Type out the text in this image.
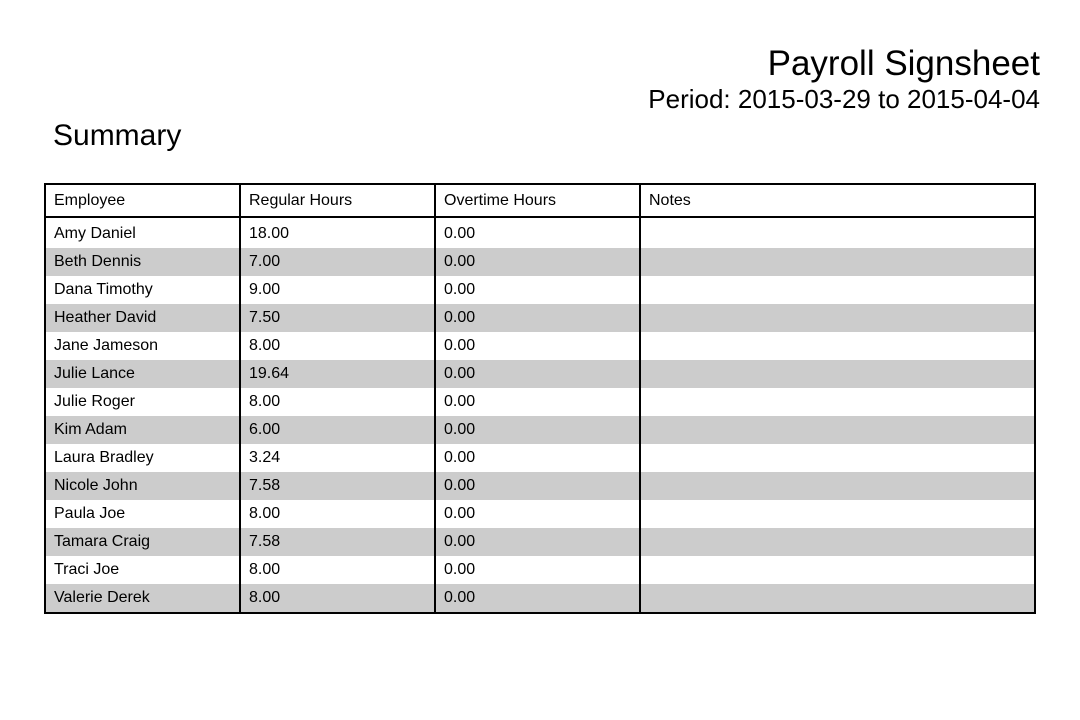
Payroll Signsheet
Period: 2015-03-29 to 2015-04-04
Summary
Employee	Regular Hours	Overtime Hours	Notes
Amy Daniel	18.00	0.00	
Beth Dennis	7.00	0.00	
Dana Timothy	9.00	0.00	
Heather David	7.50	0.00	
Jane Jameson	8.00	0.00	
Julie Lance	19.64	0.00	
Julie Roger	8.00	0.00	
Kim Adam	6.00	0.00	
Laura Bradley	3.24	0.00	
Nicole John	7.58	0.00	
Paula Joe	8.00	0.00	
Tamara Craig	7.58	0.00	
Traci Joe	8.00	0.00	
Valerie Derek	8.00	0.00	
